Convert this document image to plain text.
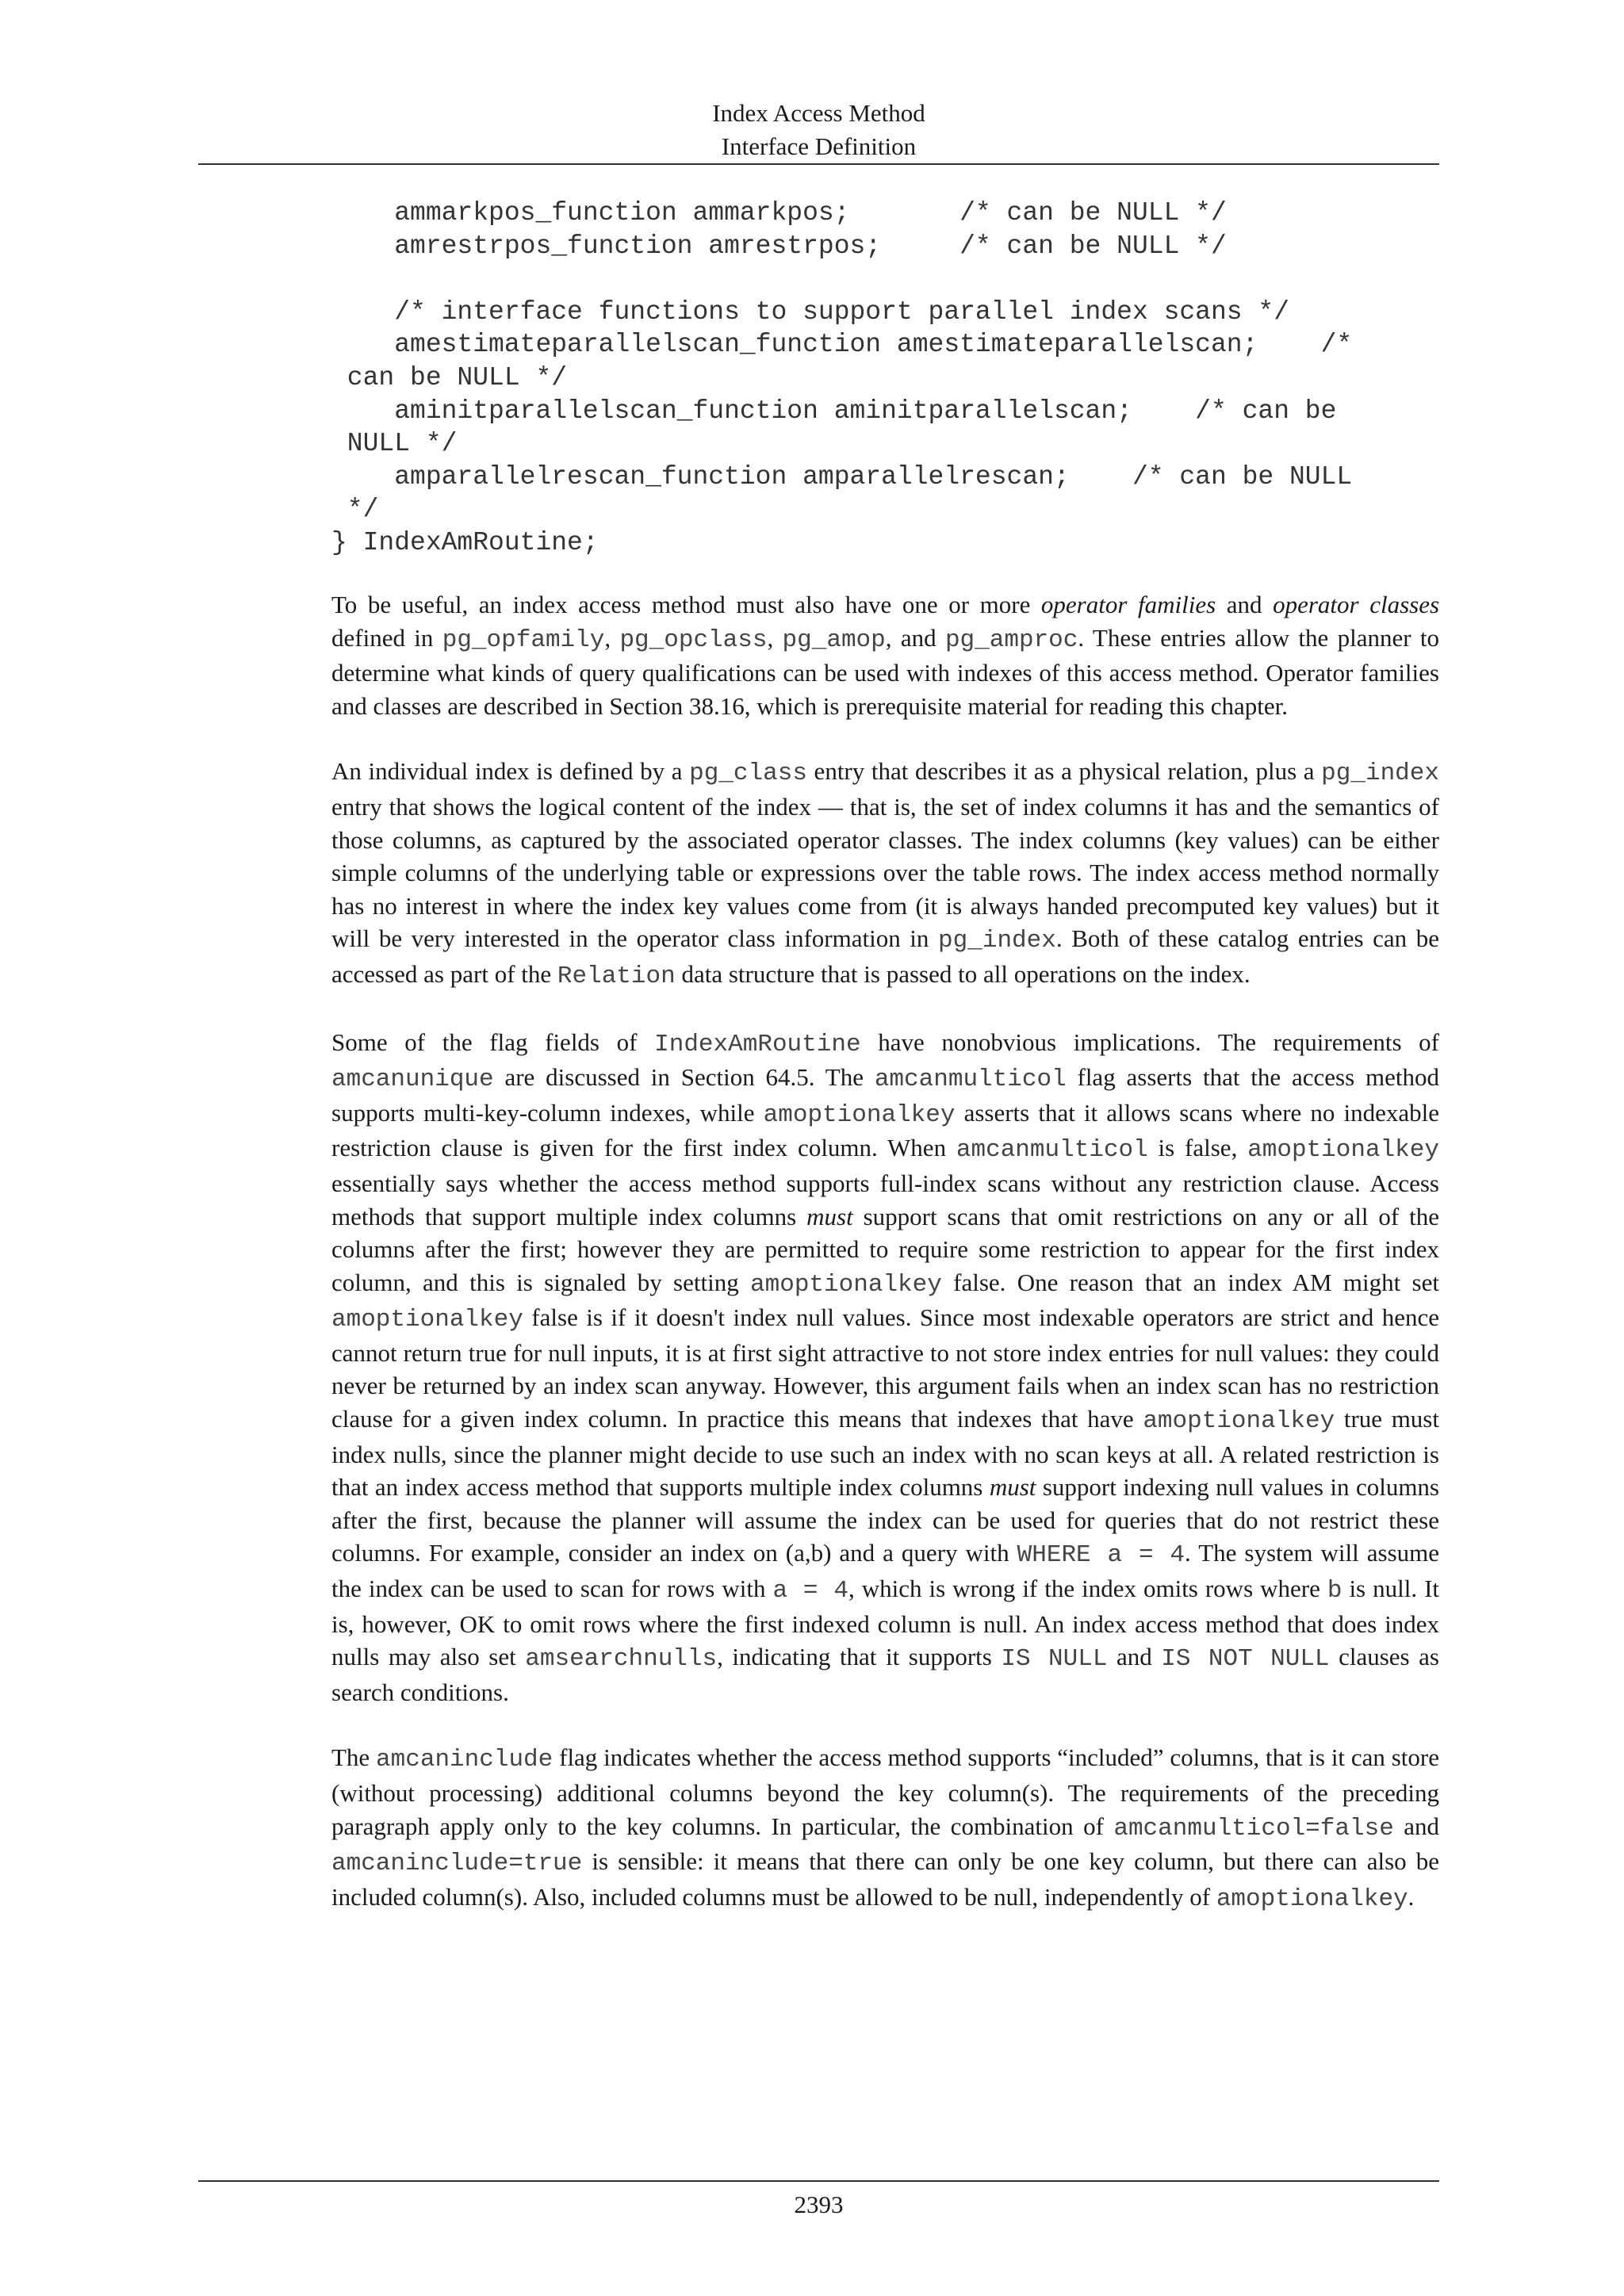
Index Access Method
Interface Definition
ammarkpos_function ammarkpos;       /* can be NULL */
amrestrpos_function amrestrpos;     /* can be NULL */
/* interface functions to support parallel index scans */
amestimateparallelscan_function amestimateparallelscan;    /*
can be NULL */
aminitparallelscan_function aminitparallelscan;    /* can be
NULL */
amparallelrescan_function amparallelrescan;    /* can be NULL
*/
} IndexAmRoutine;

To be useful, an index access method must also have one or more operator families and operator classes defined in pg_opfamily, pg_opclass, pg_amop, and pg_amproc. These entries allow the planner to determine what kinds of query qualifications can be used with indexes of this access method. Operator families and classes are described in Section 38.16, which is prerequisite material for reading this chapter.

An individual index is defined by a pg_class entry that describes it as a physical relation, plus a pg_index entry that shows the logical content of the index — that is, the set of index columns it has and the semantics of those columns, as captured by the associated operator classes. The index columns (key values) can be either simple columns of the underlying table or expressions over the table rows. The index access method normally has no interest in where the index key values come from (it is always handed precomputed key values) but it will be very interested in the operator class information in pg_index. Both of these catalog entries can be accessed as part of the Relation data structure that is passed to all operations on the index.

Some of the flag fields of IndexAmRoutine have nonobvious implications. The requirements of amcanunique are discussed in Section 64.5. The amcanmulticol flag asserts that the access method supports multi-key-column indexes, while amoptionalkey asserts that it allows scans where no indexable restriction clause is given for the first index column. When amcanmulticol is false, amoptionalkey essentially says whether the access method supports full-index scans without any restriction clause. Access methods that support multiple index columns must support scans that omit restrictions on any or all of the columns after the first; however they are permitted to require some restriction to appear for the first index column, and this is signaled by setting amoptionalkey false. One reason that an index AM might set amoptionalkey false is if it doesn't index null values. Since most indexable operators are strict and hence cannot return true for null inputs, it is at first sight attractive to not store index entries for null values: they could never be returned by an index scan anyway. However, this argument fails when an index scan has no restriction clause for a given index column. In practice this means that indexes that have amoptionalkey true must index nulls, since the planner might decide to use such an index with no scan keys at all. A related restriction is that an index access method that supports multiple index columns must support indexing null values in columns after the first, because the planner will assume the index can be used for queries that do not restrict these columns. For example, consider an index on (a,b) and a query with WHERE a = 4. The system will assume the index can be used to scan for rows with a = 4, which is wrong if the index omits rows where b is null. It is, however, OK to omit rows where the first indexed column is null. An index access method that does index nulls may also set amsearchnulls, indicating that it supports IS NULL and IS NOT NULL clauses as search conditions.

The amcaninclude flag indicates whether the access method supports “included” columns, that is it can store (without processing) additional columns beyond the key column(s). The requirements of the preceding paragraph apply only to the key columns. In particular, the combination of amcanmulticol=false and amcaninclude=true is sensible: it means that there can only be one key column, but there can also be included column(s). Also, included columns must be allowed to be null, independently of amoptionalkey.

2393
